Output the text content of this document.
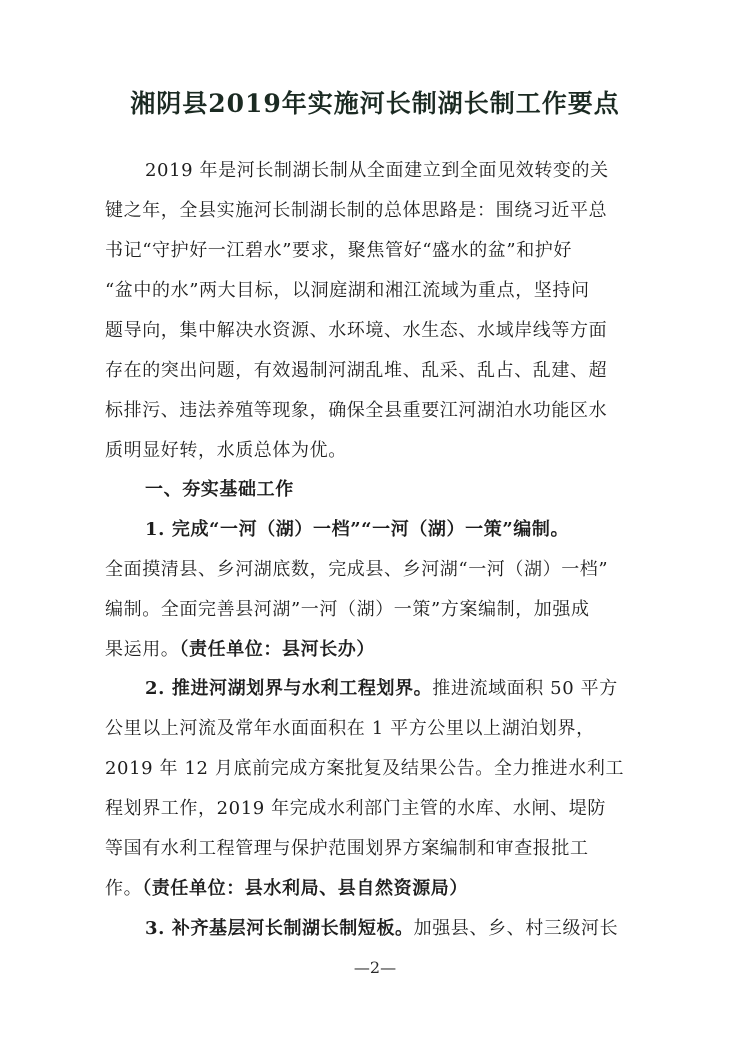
湘阴县2019年实施河长制湖长制工作要点
2019 年是河长制湖长制从全面建立到全面见效转变的关
键之年，全县实施河长制湖长制的总体思路是：围绕习近平总
书记“守护好一江碧水”要求，聚焦管好“盛水的盆”和护好
“盆中的水”两大目标，以洞庭湖和湘江流域为重点，坚持问
题导向，集中解决水资源、水环境、水生态、水域岸线等方面
存在的突出问题，有效遏制河湖乱堆、乱采、乱占、乱建、超
标排污、违法养殖等现象，确保全县重要江河湖泊水功能区水
质明显好转，水质总体为优。
一、夯实基础工作
1. 完成“一河（湖）一档”“一河（湖）一策”编制。
全面摸清县、乡河湖底数，完成县、乡河湖“一河（湖）一档”
编制。全面完善县河湖”一河（湖）一策”方案编制，加强成
果运用。（责任单位：县河长办）
2. 推进河湖划界与水利工程划界。推进流域面积 50 平方
公里以上河流及常年水面面积在 1 平方公里以上湖泊划界，
2019 年 12 月底前完成方案批复及结果公告。全力推进水利工
程划界工作，2019 年完成水利部门主管的水库、水闸、堤防
等国有水利工程管理与保护范围划界方案编制和审查报批工
作。（责任单位：县水利局、县自然资源局）
3. 补齐基层河长制湖长制短板。加强县、乡、村三级河长
—2—
